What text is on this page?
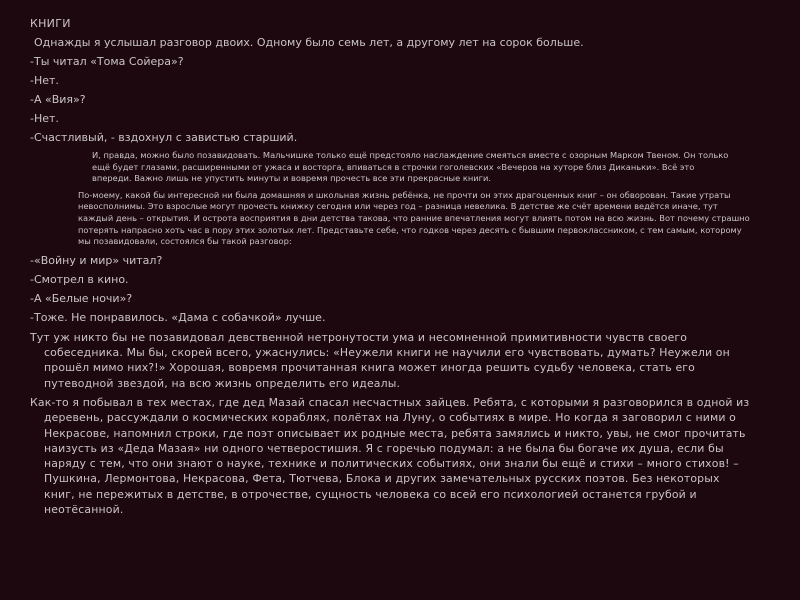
КНИГИ
Однажды я услышал разговор двоих. Одному было семь лет, а другому лет на сорок больше.
-Ты читал «Тома Сойера»?
-Нет.
-А «Вия»?
-Нет.
-Счастливый, - вздохнул с завистью старший.
И, правда, можно было позавидовать. Мальчишке только ещё предстояло наслаждение смеяться вместе с озорным Марком Твеном. Он только ещё будет глазами, расширенными от ужаса и восторга, впиваться в строчки гоголевских «Вечеров на хуторе близ Диканьки». Всё это впереди. Важно лишь не упустить минуты и вовремя прочесть все эти прекрасные книги.
По-моему, какой бы интересной ни была домашняя и школьная жизнь ребёнка, не прочти он этих драгоценных книг – он обворован. Такие утраты невосполнимы. Это взрослые могут прочесть книжку сегодня или через год – разница невелика. В детстве же счёт времени ведётся иначе, тут каждый день – открытия. И острота восприятия в дни детства такова, что ранние впечатления могут влиять потом на всю жизнь. Вот почему страшно потерять напрасно хоть час в пору этих золотых лет. Представьте себе, что годков через десять с бывшим первоклассником, с тем самым, которому мы позавидовали, состоялся бы такой разговор:
-«Войну и мир» читал?
-Смотрел в кино.
-А «Белые ночи»?
-Тоже. Не понравилось. «Дама с собачкой» лучше.
Тут уж никто бы не позавидовал девственной нетронутости ума и несомненной примитивности чувств своего собеседника. Мы бы, скорей всего, ужаснулись: «Неужели книги не научили его чувствовать, думать? Неужели он прошёл мимо них?!» Хорошая, вовремя прочитанная книга может иногда решить судьбу человека, стать его путеводной звездой, на всю жизнь определить его идеалы.
Как-то я побывал в тех местах, где дед Мазай спасал несчастных зайцев. Ребята, с которыми я разговорился в одной из деревень, рассуждали о космических кораблях, полётах на Луну, о событиях в мире. Но когда я заговорил с ними о Некрасове, напомнил строки, где поэт описывает их родные места, ребята замялись и никто, увы, не смог прочитать наизусть из «Деда Мазая» ни одного четверостишия. Я с горечью подумал: а не была бы богаче их душа, если бы наряду с тем, что они знают о науке, технике и политических событиях, они знали бы ещё и стихи – много стихов! – Пушкина, Лермонтова, Некрасова, Фета, Тютчева, Блока и других замечательных русских поэтов. Без некоторых книг, не пережитых в детстве, в отрочестве, сущность человека со всей его психологией останется грубой и неотёсанной.
